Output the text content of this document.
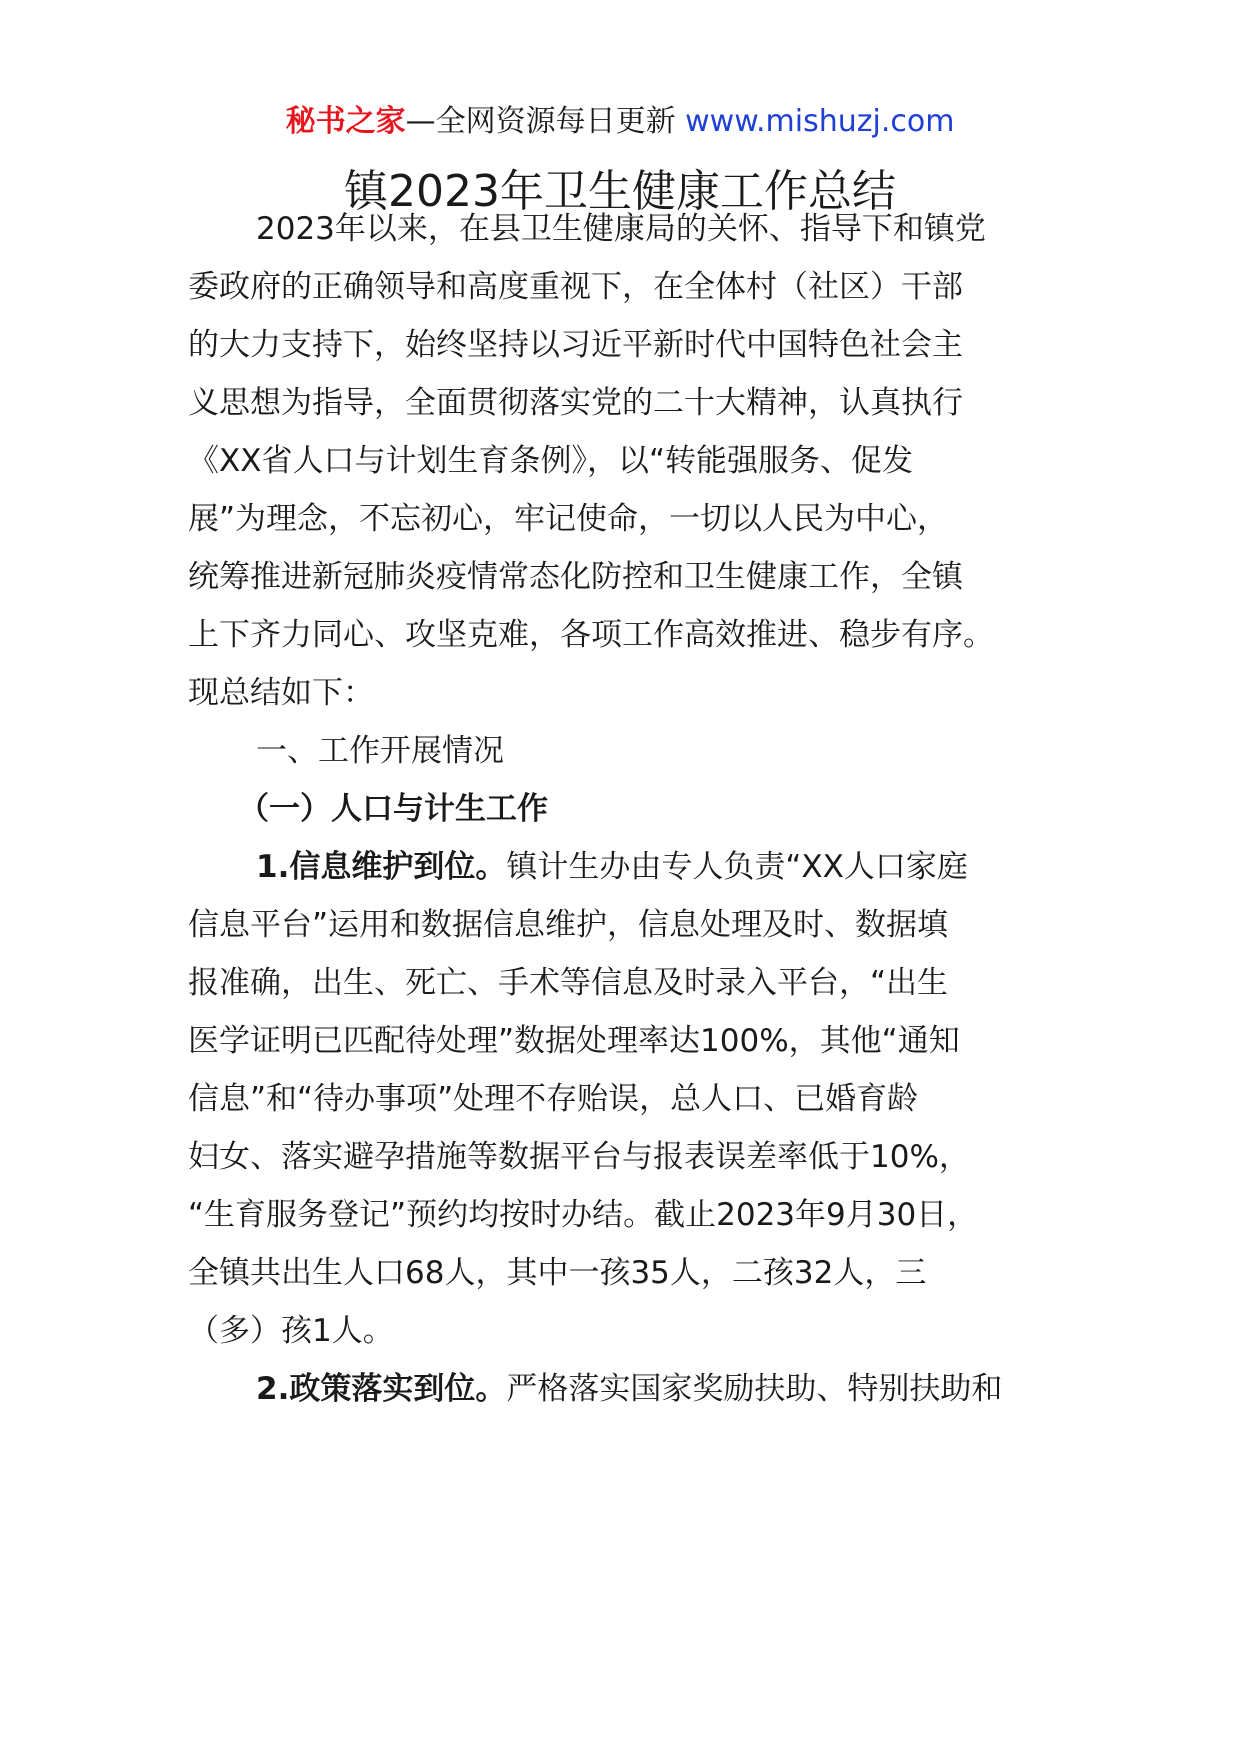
秘书之家—全网资源每日更新 www.mishuzj.com
镇2023年卫生健康工作总结
2023年以来，在县卫生健康局的关怀、指导下和镇党
委政府的正确领导和高度重视下，在全体村（社区）干部
的大力支持下，始终坚持以习近平新时代中国特色社会主
义思想为指导，全面贯彻落实党的二十大精神，认真执行
《XX省人口与计划生育条例》，以“转能强服务、促发
展”为理念，不忘初心，牢记使命，一切以人民为中心，
统筹推进新冠肺炎疫情常态化防控和卫生健康工作，全镇
上下齐力同心、攻坚克难，各项工作高效推进、稳步有序。
现总结如下：
一、工作开展情况
（一）人口与计生工作
1.信息维护到位。镇计生办由专人负责“XX人口家庭
信息平台”运用和数据信息维护，信息处理及时、数据填
报准确，出生、死亡、手术等信息及时录入平台，“出生
医学证明已匹配待处理”数据处理率达100%，其他“通知
信息”和“待办事项”处理不存贻误，总人口、已婚育龄
妇女、落实避孕措施等数据平台与报表误差率低于10%，
“生育服务登记”预约均按时办结。截止2023年9月30日，
全镇共出生人口68人，其中一孩35人，二孩32人，三
（多）孩1人。
2.政策落实到位。严格落实国家奖励扶助、特别扶助和
